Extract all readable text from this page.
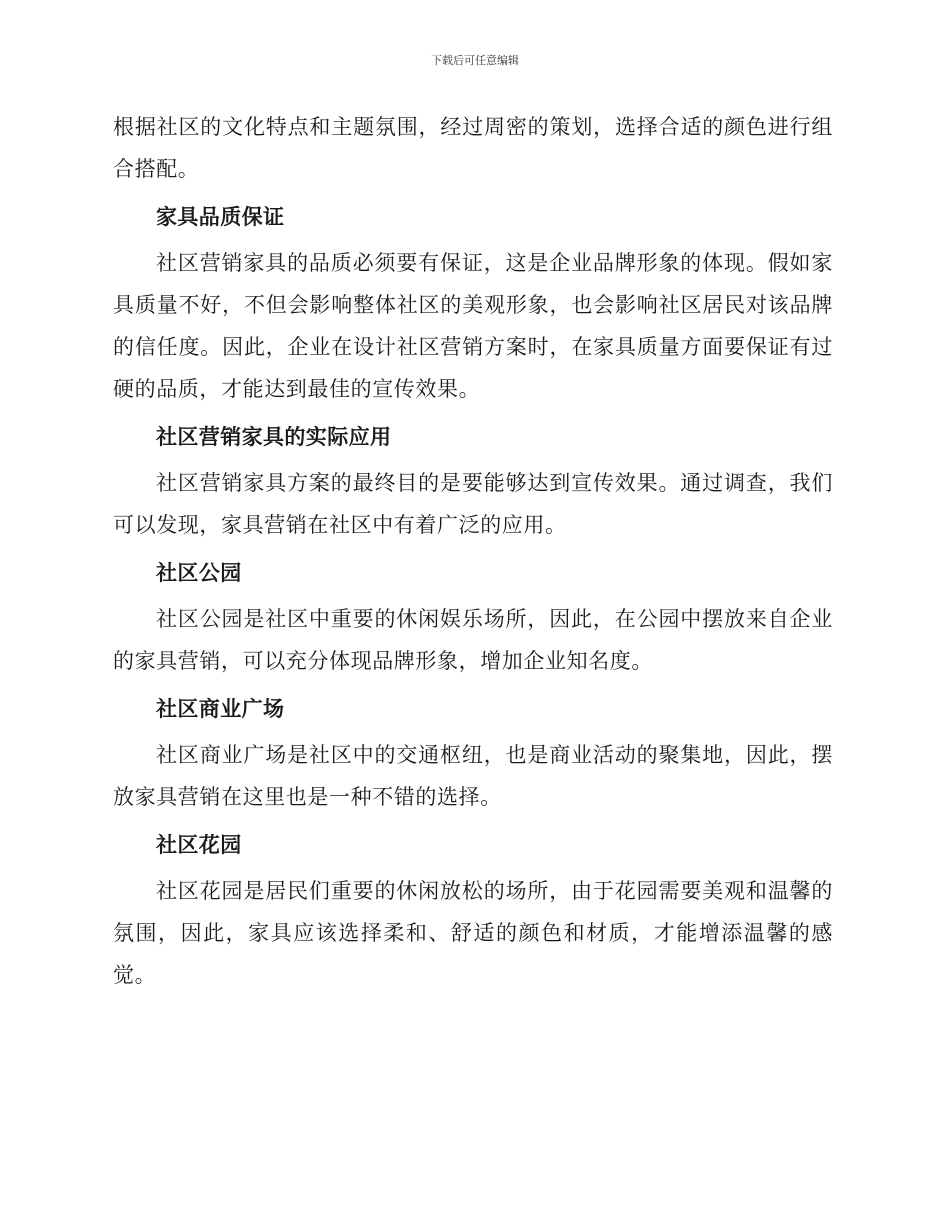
下载后可任意编辑

根据社区的文化特点和主题氛围，经过周密的策划，选择合适的颜色进行组合搭配。

家具品质保证

社区营销家具的品质必须要有保证，这是企业品牌形象的体现。假如家具质量不好，不但会影响整体社区的美观形象，也会影响社区居民对该品牌的信任度。因此，企业在设计社区营销方案时，在家具质量方面要保证有过硬的品质，才能达到最佳的宣传效果。

社区营销家具的实际应用

社区营销家具方案的最终目的是要能够达到宣传效果。通过调查，我们可以发现，家具营销在社区中有着广泛的应用。

社区公园

社区公园是社区中重要的休闲娱乐场所，因此，在公园中摆放来自企业的家具营销，可以充分体现品牌形象，增加企业知名度。

社区商业广场

社区商业广场是社区中的交通枢纽，也是商业活动的聚集地，因此，摆放家具营销在这里也是一种不错的选择。

社区花园

社区花园是居民们重要的休闲放松的场所，由于花园需要美观和温馨的氛围，因此，家具应该选择柔和、舒适的颜色和材质，才能增添温馨的感觉。
